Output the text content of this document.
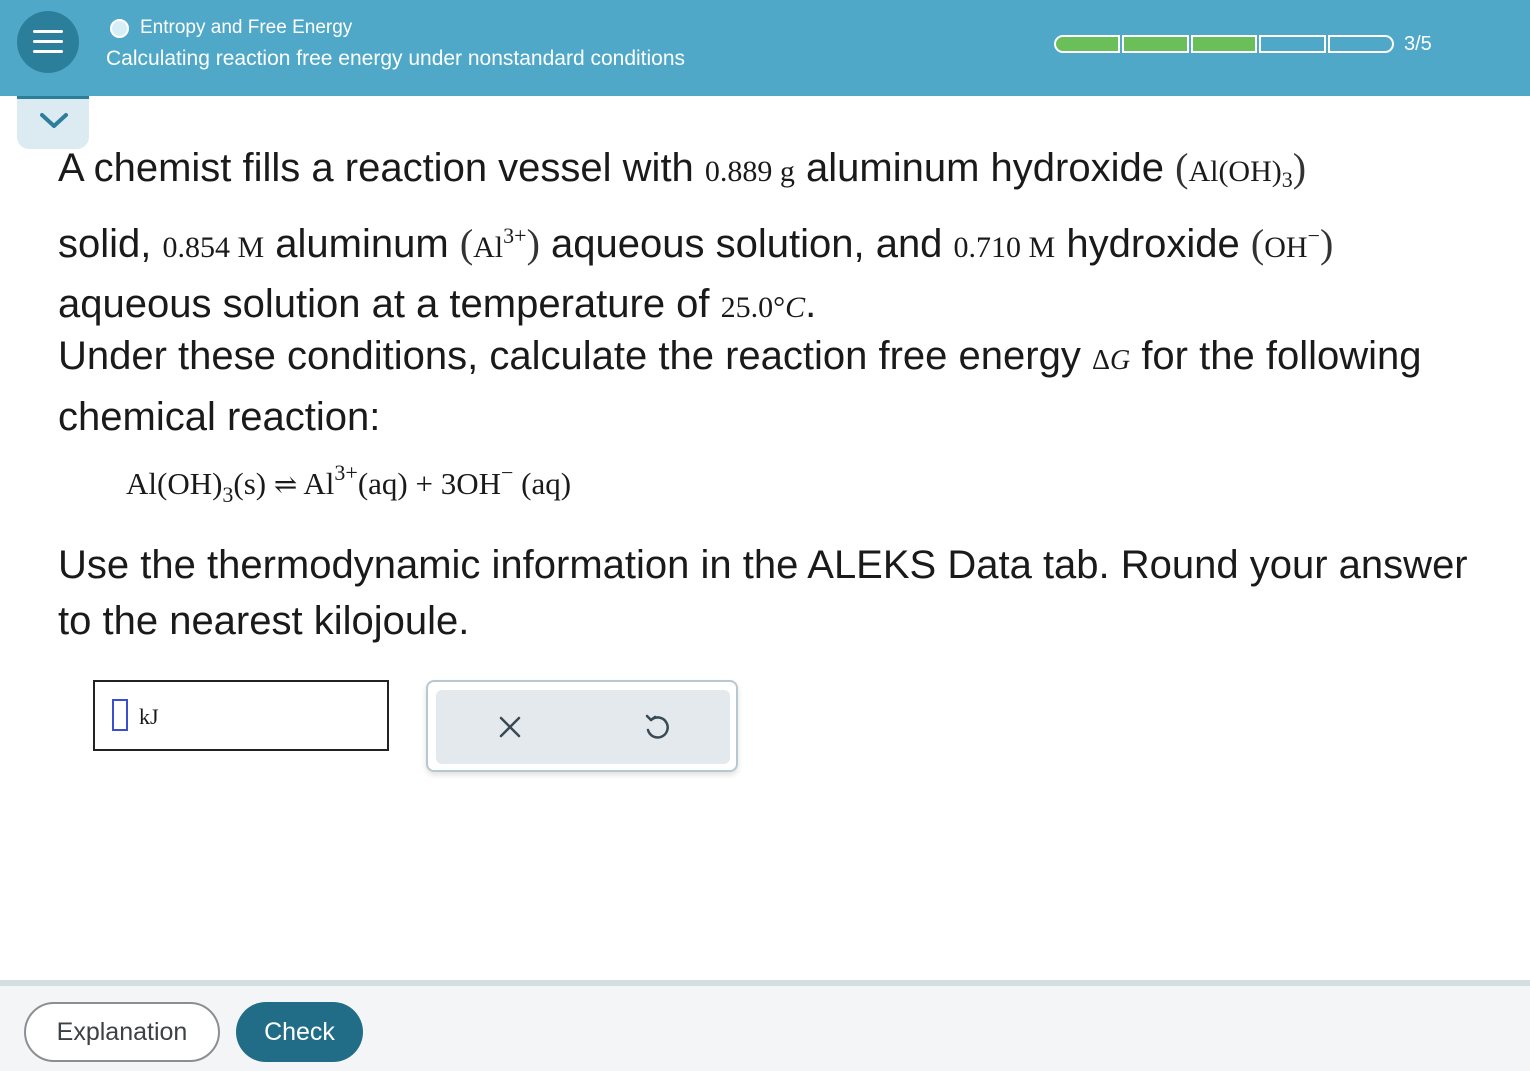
Entropy and Free Energy
Calculating reaction free energy under nonstandard conditions
3/5
A chemist fills a reaction vessel with 0.889 g aluminum hydroxide $(Al(OH)_3)$
solid, 0.854 M aluminum $(Al^{3+})$ aqueous solution, and 0.710 M hydroxide (OH−)
aqueous solution at a temperature of 25.0°C.
Under these conditions, calculate the reaction free energy ΔG for the following chemical reaction:
$Al(OH)_3(s)$ ⇌ $Al^{3+}(aq) + 3OH^-$ (aq)
Use the thermodynamic information in the ALEKS Data tab. Round your answer to the nearest kilojoule.
kJ
Explanation	Check
